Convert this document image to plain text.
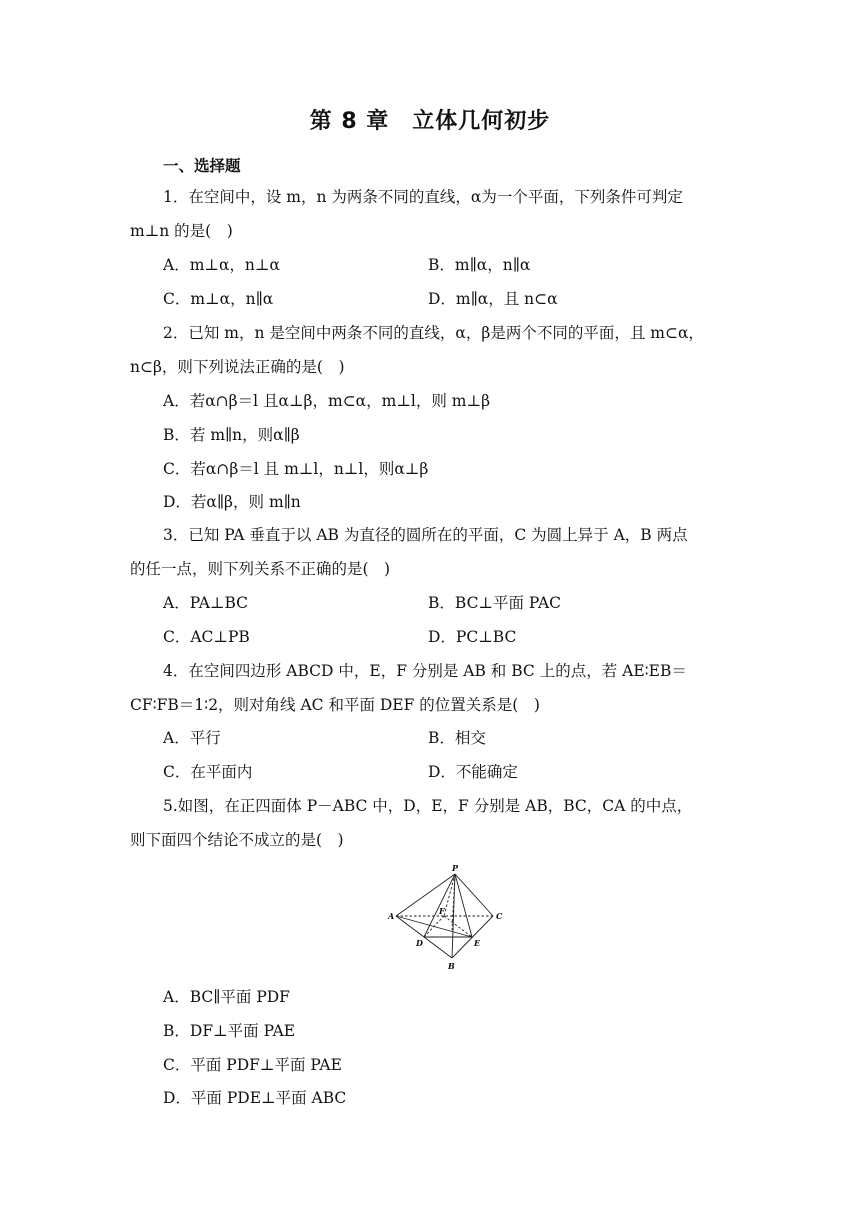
第 8 章　立体几何初步
一、选择题
1．在空间中，设 m，n 为两条不同的直线，α为一个平面，下列条件可判定
m⊥n 的是(　)
A．m⊥α，n⊥α	B．m∥α，n∥α
C．m⊥α，n∥α	D．m∥α，且 n⊂α
2．已知 m，n 是空间中两条不同的直线，α，β是两个不同的平面，且 m⊂α，
n⊂β，则下列说法正确的是(　)
A．若α∩β＝l 且α⊥β，m⊂α，m⊥l，则 m⊥β
B．若 m∥n，则α∥β
C．若α∩β＝l 且 m⊥l，n⊥l，则α⊥β
D．若α∥β，则 m∥n
3．已知 PA 垂直于以 AB 为直径的圆所在的平面，C 为圆上异于 A，B 两点
的任一点，则下列关系不正确的是(　)
A．PA⊥BC	B．BC⊥平面 PAC
C．AC⊥PB	D．PC⊥BC
4．在空间四边形 ABCD 中，E，F 分别是 AB 和 BC 上的点，若 AE∶EB＝
CF∶FB＝1∶2，则对角线 AC 和平面 DEF 的位置关系是(　)
A．平行	B．相交
C．在平面内	D．不能确定
5.如图，在正四面体 P－ABC 中，D，E，F 分别是 AB，BC，CA 的中点，
则下面四个结论不成立的是(　)
P
A	C
B
D	E
F
A．BC∥平面 PDF
B．DF⊥平面 PAE
C．平面 PDF⊥平面 PAE
D．平面 PDE⊥平面 ABC
